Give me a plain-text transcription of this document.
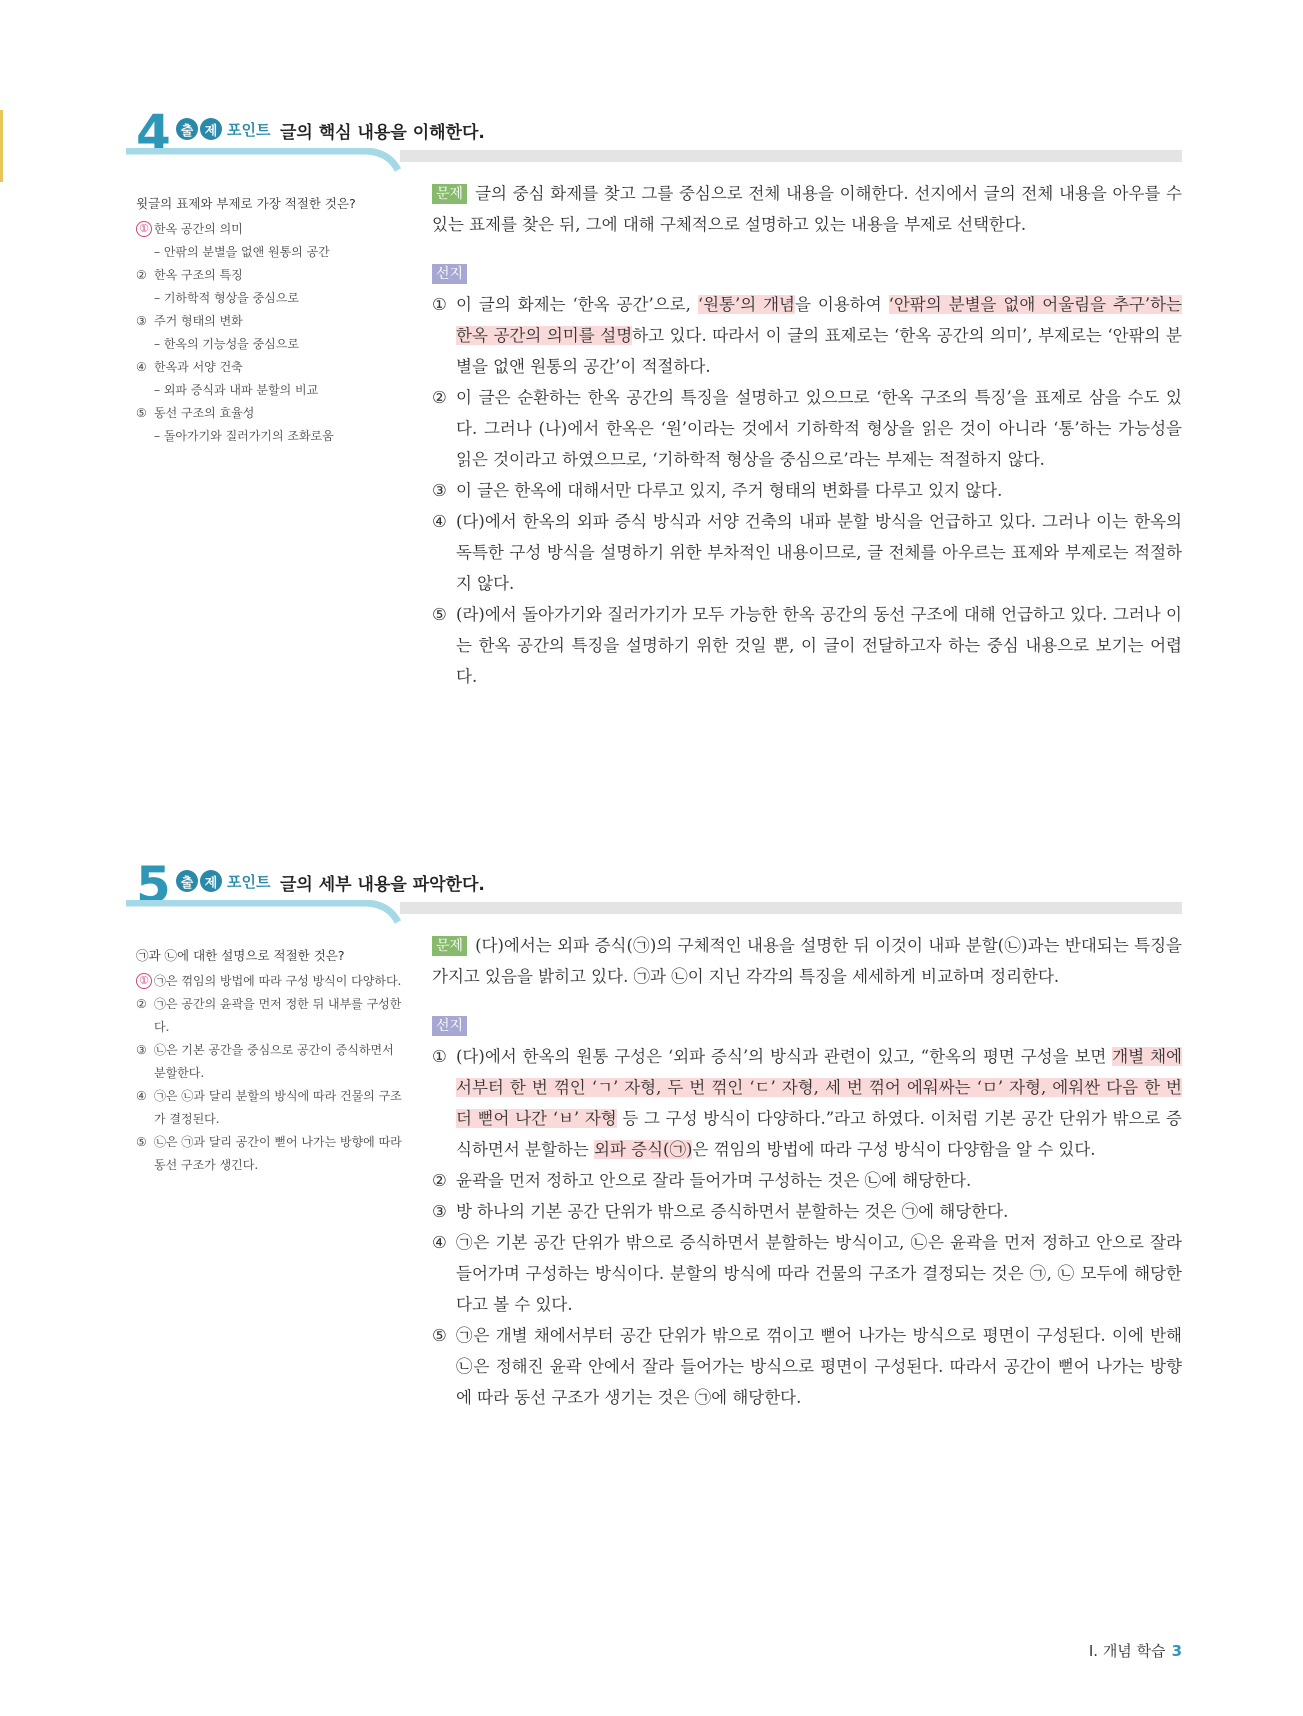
4 출 제 포인트 글의 핵심 내용을 이해한다.
윗글의 표제와 부제로 가장 적절한 것은?
① 한옥 공간의 의미
– 안팎의 분별을 없앤 원통의 공간
② 한옥 구조의 특징
– 기하학적 형상을 중심으로
③ 주거 형태의 변화
– 한옥의 기능성을 중심으로
④ 한옥과 서양 건축
– 외파 증식과 내파 분할의 비교
⑤ 동선 구조의 효율성
– 돌아가기와 질러가기의 조화로움
문제 글의 중심 화제를 찾고 그를 중심으로 전체 내용을 이해한다. 선지에서 글의 전체 내용을 아우를 수 있는 표제를 찾은 뒤, 그에 대해 구체적으로 설명하고 있는 내용을 부제로 선택한다.
선지
① 이 글의 화제는 ‘한옥 공간’으로, ‘원통’의 개념을 이용하여 ‘안팎의 분별을 없애 어울림을 추구’하는 한옥 공간의 의미를 설명하고 있다. 따라서 이 글의 표제로는 ‘한옥 공간의 의미’, 부제로는 ‘안팎의 분별을 없앤 원통의 공간’이 적절하다.
② 이 글은 순환하는 한옥 공간의 특징을 설명하고 있으므로 ‘한옥 구조의 특징’을 표제로 삼을 수도 있다. 그러나 (나)에서 한옥은 ‘원’이라는 것에서 기하학적 형상을 읽은 것이 아니라 ‘통’하는 가능성을 읽은 것이라고 하였으므로, ‘기하학적 형상을 중심으로’라는 부제는 적절하지 않다.
③ 이 글은 한옥에 대해서만 다루고 있지, 주거 형태의 변화를 다루고 있지 않다.
④ (다)에서 한옥의 외파 증식 방식과 서양 건축의 내파 분할 방식을 언급하고 있다. 그러나 이는 한옥의 독특한 구성 방식을 설명하기 위한 부차적인 내용이므로, 글 전체를 아우르는 표제와 부제로는 적절하지 않다.
⑤ (라)에서 돌아가기와 질러가기가 모두 가능한 한옥 공간의 동선 구조에 대해 언급하고 있다. 그러나 이는 한옥 공간의 특징을 설명하기 위한 것일 뿐, 이 글이 전달하고자 하는 중심 내용으로 보기는 어렵다.
5 출 제 포인트 글의 세부 내용을 파악한다.
㉠과 ㉡에 대한 설명으로 적절한 것은?
① ㉠은 꺾임의 방법에 따라 구성 방식이 다양하다.
② ㉠은 공간의 윤곽을 먼저 정한 뒤 내부를 구성한다.
③ ㉡은 기본 공간을 중심으로 공간이 증식하면서 분할한다.
④ ㉠은 ㉡과 달리 분할의 방식에 따라 건물의 구조가 결정된다.
⑤ ㉡은 ㉠과 달리 공간이 뻗어 나가는 방향에 따라 동선 구조가 생긴다.
문제 (다)에서는 외파 증식(㉠)의 구체적인 내용을 설명한 뒤 이것이 내파 분할(㉡)과는 반대되는 특징을 가지고 있음을 밝히고 있다. ㉠과 ㉡이 지닌 각각의 특징을 세세하게 비교하며 정리한다.
선지
① (다)에서 한옥의 원통 구성은 ‘외파 증식’의 방식과 관련이 있고, “한옥의 평면 구성을 보면 개별 채에서부터 한 번 꺾인 ‘ㄱ’ 자형, 두 번 꺾인 ‘ㄷ’ 자형, 세 번 꺾어 에워싸는 ‘ㅁ’ 자형, 에워싼 다음 한 번 더 뻗어 나간 ‘ㅂ’ 자형 등 그 구성 방식이 다양하다.”라고 하였다. 이처럼 기본 공간 단위가 밖으로 증식하면서 분할하는 외파 증식(㉠)은 꺾임의 방법에 따라 구성 방식이 다양함을 알 수 있다.
② 윤곽을 먼저 정하고 안으로 잘라 들어가며 구성하는 것은 ㉡에 해당한다.
③ 방 하나의 기본 공간 단위가 밖으로 증식하면서 분할하는 것은 ㉠에 해당한다.
④ ㉠은 기본 공간 단위가 밖으로 증식하면서 분할하는 방식이고, ㉡은 윤곽을 먼저 정하고 안으로 잘라 들어가며 구성하는 방식이다. 분할의 방식에 따라 건물의 구조가 결정되는 것은 ㉠, ㉡ 모두에 해당한다고 볼 수 있다.
⑤ ㉠은 개별 채에서부터 공간 단위가 밖으로 꺾이고 뻗어 나가는 방식으로 평면이 구성된다. 이에 반해 ㉡은 정해진 윤곽 안에서 잘라 들어가는 방식으로 평면이 구성된다. 따라서 공간이 뻗어 나가는 방향에 따라 동선 구조가 생기는 것은 ㉠에 해당한다.
Ⅰ. 개념 학습 3
